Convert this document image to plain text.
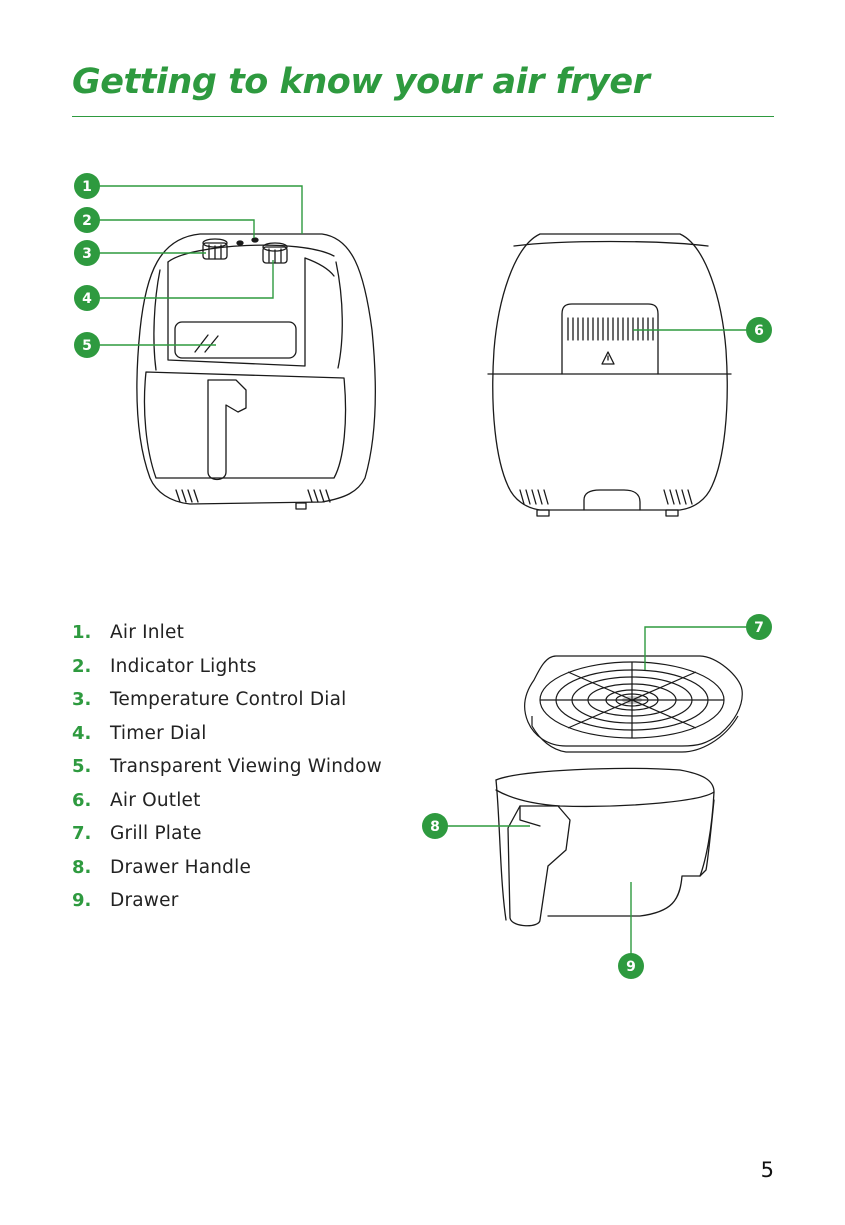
Getting to know your air fryer
1
2
3
4
5
6
7
8
9
1.	Air Inlet
2.	Indicator Lights
3.	Temperature Control Dial
4.	Timer Dial
5.	Transparent Viewing Window
6.	Air Outlet
7.	Grill Plate
8.	Drawer Handle
9.	Drawer
5
